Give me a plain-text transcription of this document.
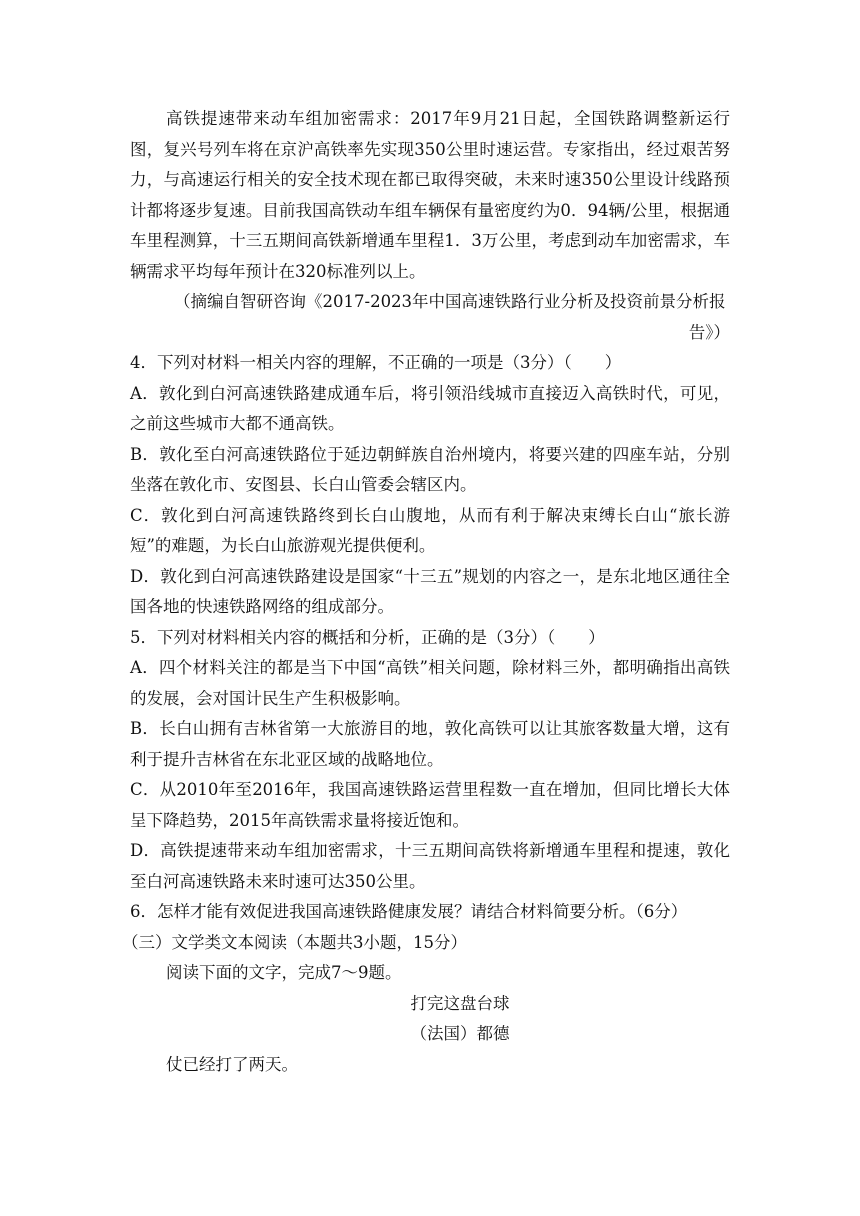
高铁提速带来动车组加密需求：2017年9月21日起，全国铁路调整新运行图，复兴号列车将在京沪高铁率先实现350公里时速运营。专家指出，经过艰苦努力，与高速运行相关的安全技术现在都已取得突破，未来时速350公里设计线路预计都将逐步复速。目前我国高铁动车组车辆保有量密度约为0．94辆/公里，根据通车里程测算，十三五期间高铁新增通车里程1．3万公里，考虑到动车加密需求，车辆需求平均每年预计在320标准列以上。

（摘编自智研咨询《2017-2023年中国高速铁路行业分析及投资前景分析报

告》）

4．下列对材料一相关内容的理解，不正确的一项是（3分）（　　）

A．敦化到白河高速铁路建成通车后，将引领沿线城市直接迈入高铁时代，可见，之前这些城市大都不通高铁。

B．敦化至白河高速铁路位于延边朝鲜族自治州境内，将要兴建的四座车站，分别坐落在敦化市、安图县、长白山管委会辖区内。

C．敦化到白河高速铁路终到长白山腹地，从而有利于解决束缚长白山“旅长游短”的难题，为长白山旅游观光提供便利。

D．敦化到白河高速铁路建设是国家“十三五”规划的内容之一，是东北地区通往全国各地的快速铁路网络的组成部分。

5．下列对材料相关内容的概括和分析，正确的是（3分）（　　）

A．四个材料关注的都是当下中国“高铁”相关问题，除材料三外，都明确指出高铁的发展，会对国计民生产生积极影响。

B．长白山拥有吉林省第一大旅游目的地，敦化高铁可以让其旅客数量大增，这有利于提升吉林省在东北亚区域的战略地位。

C．从2010年至2016年，我国高速铁路运营里程数一直在增加，但同比增长大体呈下降趋势，2015年高铁需求量将接近饱和。

D．高铁提速带来动车组加密需求，十三五期间高铁将新增通车里程和提速，敦化至白河高速铁路未来时速可达350公里。

6．怎样才能有效促进我国高速铁路健康发展？请结合材料简要分析。（6分）

（三）文学类文本阅读（本题共3小题，15分）

阅读下面的文字，完成7～9题。

打完这盘台球

（法国）都德

仗已经打了两天。
